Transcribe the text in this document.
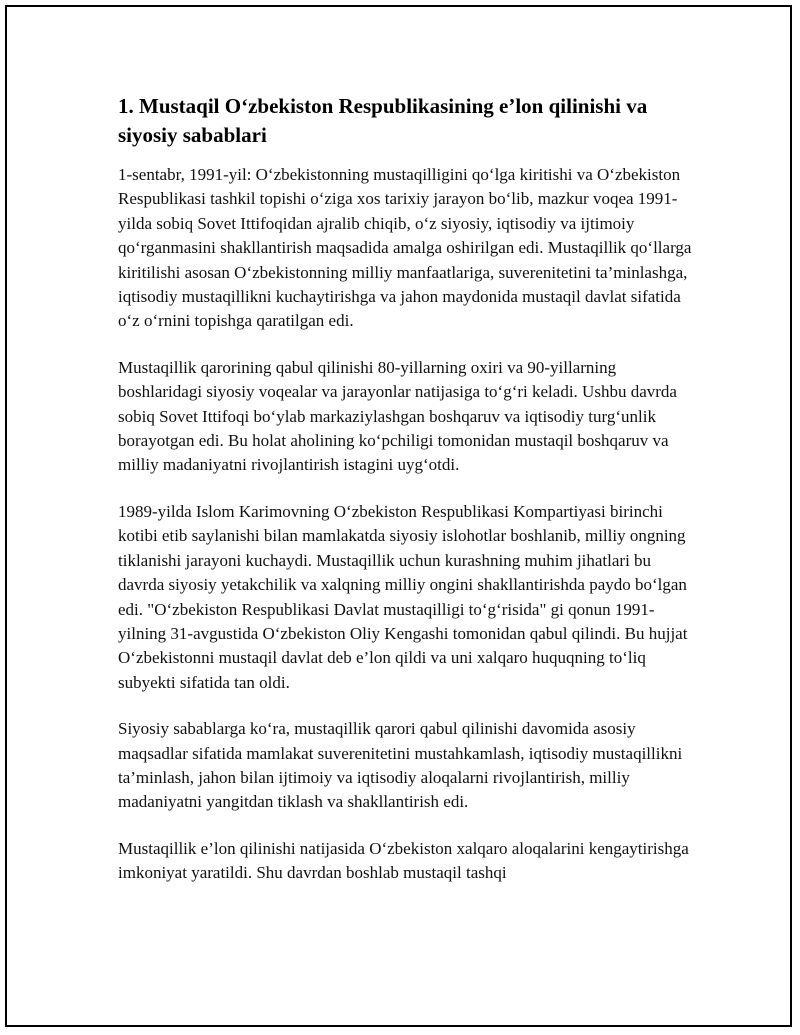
1. Mustaqil O‘zbekiston Respublikasining e’lon qilinishi va siyosiy sabablari

1-sentabr, 1991-yil: O‘zbekistonning mustaqilligini qo‘lga kiritishi va O‘zbekiston Respublikasi tashkil topishi o‘ziga xos tarixiy jarayon bo‘lib, mazkur voqea 1991-yilda sobiq Sovet Ittifoqidan ajralib chiqib, o‘z siyosiy, iqtisodiy va ijtimoiy qo‘rganmasini shakllantirish maqsadida amalga oshirilgan edi. Mustaqillik qo‘llarga kiritilishi asosan O‘zbekistonning milliy manfaatlariga, suverenitetini ta’minlashga, iqtisodiy mustaqillikni kuchaytirishga va jahon maydonida mustaqil davlat sifatida o‘z o‘rnini topishga qaratilgan edi.

Mustaqillik qarorining qabul qilinishi 80-yillarning oxiri va 90-yillarning boshlaridagi siyosiy voqealar va jarayonlar natijasiga to‘g‘ri keladi. Ushbu davrda sobiq Sovet Ittifoqi bo‘ylab markaziylashgan boshqaruv va iqtisodiy turg‘unlik borayotgan edi. Bu holat aholining ko‘pchiligi tomonidan mustaqil boshqaruv va milliy madaniyatni rivojlantirish istagini uyg‘otdi.

1989-yilda Islom Karimovning O‘zbekiston Respublikasi Kompartiyasi birinchi kotibi etib saylanishi bilan mamlakatda siyosiy islohotlar boshlanib, milliy ongning tiklanishi jarayoni kuchaydi. Mustaqillik uchun kurashning muhim jihatlari bu davrda siyosiy yetakchilik va xalqning milliy ongini shakllantirishda paydo bo‘lgan edi. "O‘zbekiston Respublikasi Davlat mustaqilligi to‘g‘risida" gi qonun 1991-yilning 31-avgustida O‘zbekiston Oliy Kengashi tomonidan qabul qilindi. Bu hujjat O‘zbekistonni mustaqil davlat deb e’lon qildi va uni xalqaro huquqning to‘liq subyekti sifatida tan oldi.

Siyosiy sabablarga ko‘ra, mustaqillik qarori qabul qilinishi davomida asosiy maqsadlar sifatida mamlakat suverenitetini mustahkamlash, iqtisodiy mustaqillikni ta’minlash, jahon bilan ijtimoiy va iqtisodiy aloqalarni rivojlantirish, milliy madaniyatni yangitdan tiklash va shakllantirish edi.

Mustaqillik e’lon qilinishi natijasida O‘zbekiston xalqaro aloqalarini kengaytirishga imkoniyat yaratildi. Shu davrdan boshlab mustaqil tashqi
